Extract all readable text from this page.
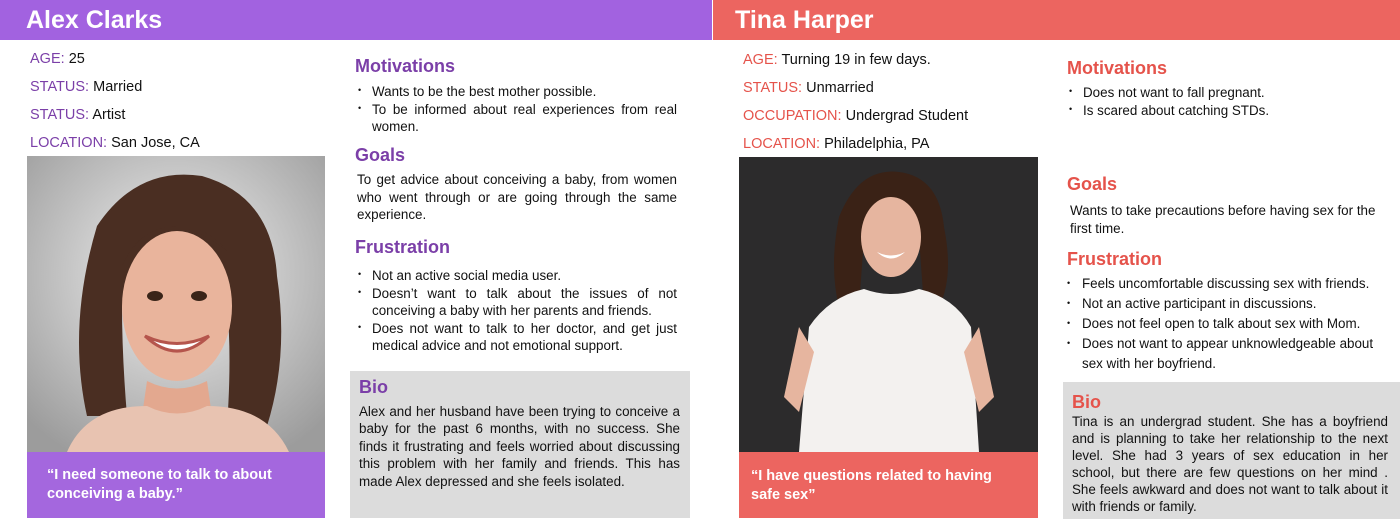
Alex Clarks
AGE: 25
STATUS: Married
STATUS: Artist
LOCATION: San Jose, CA
“I need someone to talk to about conceiving a baby.”
Motivations
• Wants to be the best mother possible.
• To be informed about real experiences from real women.
Goals
To get advice about conceiving a baby, from women who went through or are going through the same experience.
Frustration
• Not an active social media user.
• Doesn’t want to talk about the issues of not conceiving a baby with her parents and friends.
• Does not want to talk to her doctor, and get just medical advice and not emotional support.
Bio
Alex and her husband have been trying to conceive a baby for the past 6 months, with no success. She finds it frustrating and feels worried about discussing this problem with her family and friends. This has made Alex depressed and she feels isolated.
Tina Harper
AGE: Turning 19 in few days.
STATUS: Unmarried
OCCUPATION: Undergrad Student
LOCATION: Philadelphia, PA
“I have questions related to having safe sex”
Motivations
• Does not want to fall pregnant.
• Is scared about catching STDs.
Goals
Wants to take precautions before having sex for the first time.
Frustration
• Feels uncomfortable discussing sex with friends.
• Not an active participant in discussions.
• Does not feel open to talk about sex with Mom.
• Does not want to appear unknowledgeable about sex with her boyfriend.
Bio
Tina is an undergrad student. She has a boyfriend and is planning to take her relationship to the next level. She had 3 years of sex education in her school, but there are few questions on her mind . She feels awkward and does not want to talk about it with friends or family.
